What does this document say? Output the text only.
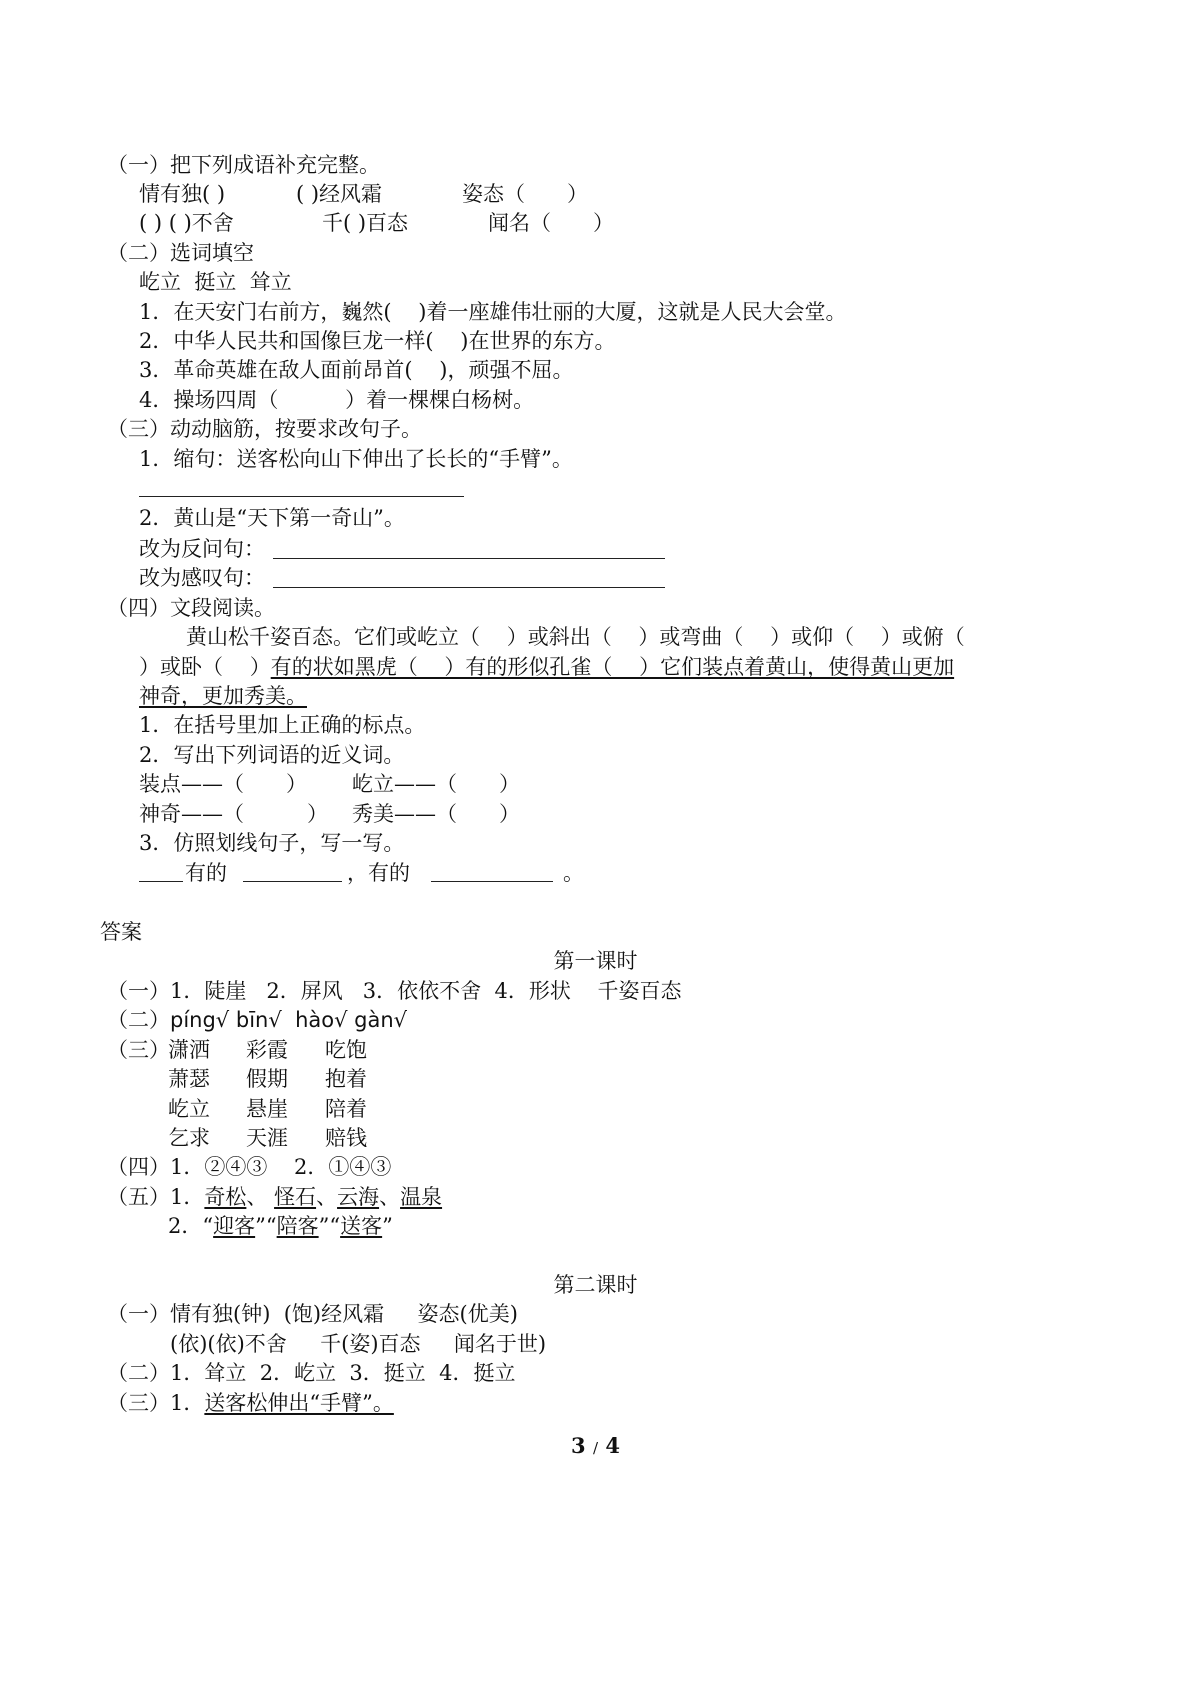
（一）把下列成语补充完整。
情有独( )	( )经风霜	姿态（　　）
( ) ( )不舍	千( )百态	闻名（　　）
（二）选词填空
屹立  挺立  耸立
1．在天安门右前方，巍然(    )着一座雄伟壮丽的大厦，这就是人民大会堂。
2．中华人民共和国像巨龙一样(    )在世界的东方。
3．革命英雄在敌人面前昂首(    )，顽强不屈。
4．操场四周（          ）着一棵棵白杨树。
（三）动动脑筋，按要求改句子。
1．缩句：送客松向山下伸出了长长的“手臂”。
2．黄山是“天下第一奇山”。
改为反问句：
改为感叹句：
（四）文段阅读。
黄山松千姿百态。它们或屹立（    ）或斜出（    ）或弯曲（    ）或仰（    ）或俯（
）或卧（    ）有的状如黑虎（    ）有的形似孔雀（    ）它们装点着黄山，使得黄山更加
神奇，更加秀美。
1．在括号里加上正确的标点。
2．写出下列词语的近义词。
装点——（　　） 屹立——（　　）
神奇——（　　　） 秀美——（　　）
3．仿照划线句子，写一写。
有的	，有的	。
答案
第一课时
（一）1．陡崖   2．屏风   3．依依不舍  4．形状    千姿百态
（二）píng√ bīn√  hào√ gàn√
（三）
潇洒 彩霞 吃饱
萧瑟 假期 抱着
屹立 悬崖 陪着
乞求 天涯 赔钱
（四）1．②④③    2．①④③
（五）1．奇松、 怪石、云海、温泉
2．“迎客”“陪客”“送客”
第二课时
（一）情有独(钟)  (饱)经风霜     姿态(优美)
(依)(依)不舍     千(姿)百态     闻名于世)
（二）1．耸立  2．屹立  3．挺立  4．挺立
（三）1．送客松伸出“手臂”。
3 / 4
